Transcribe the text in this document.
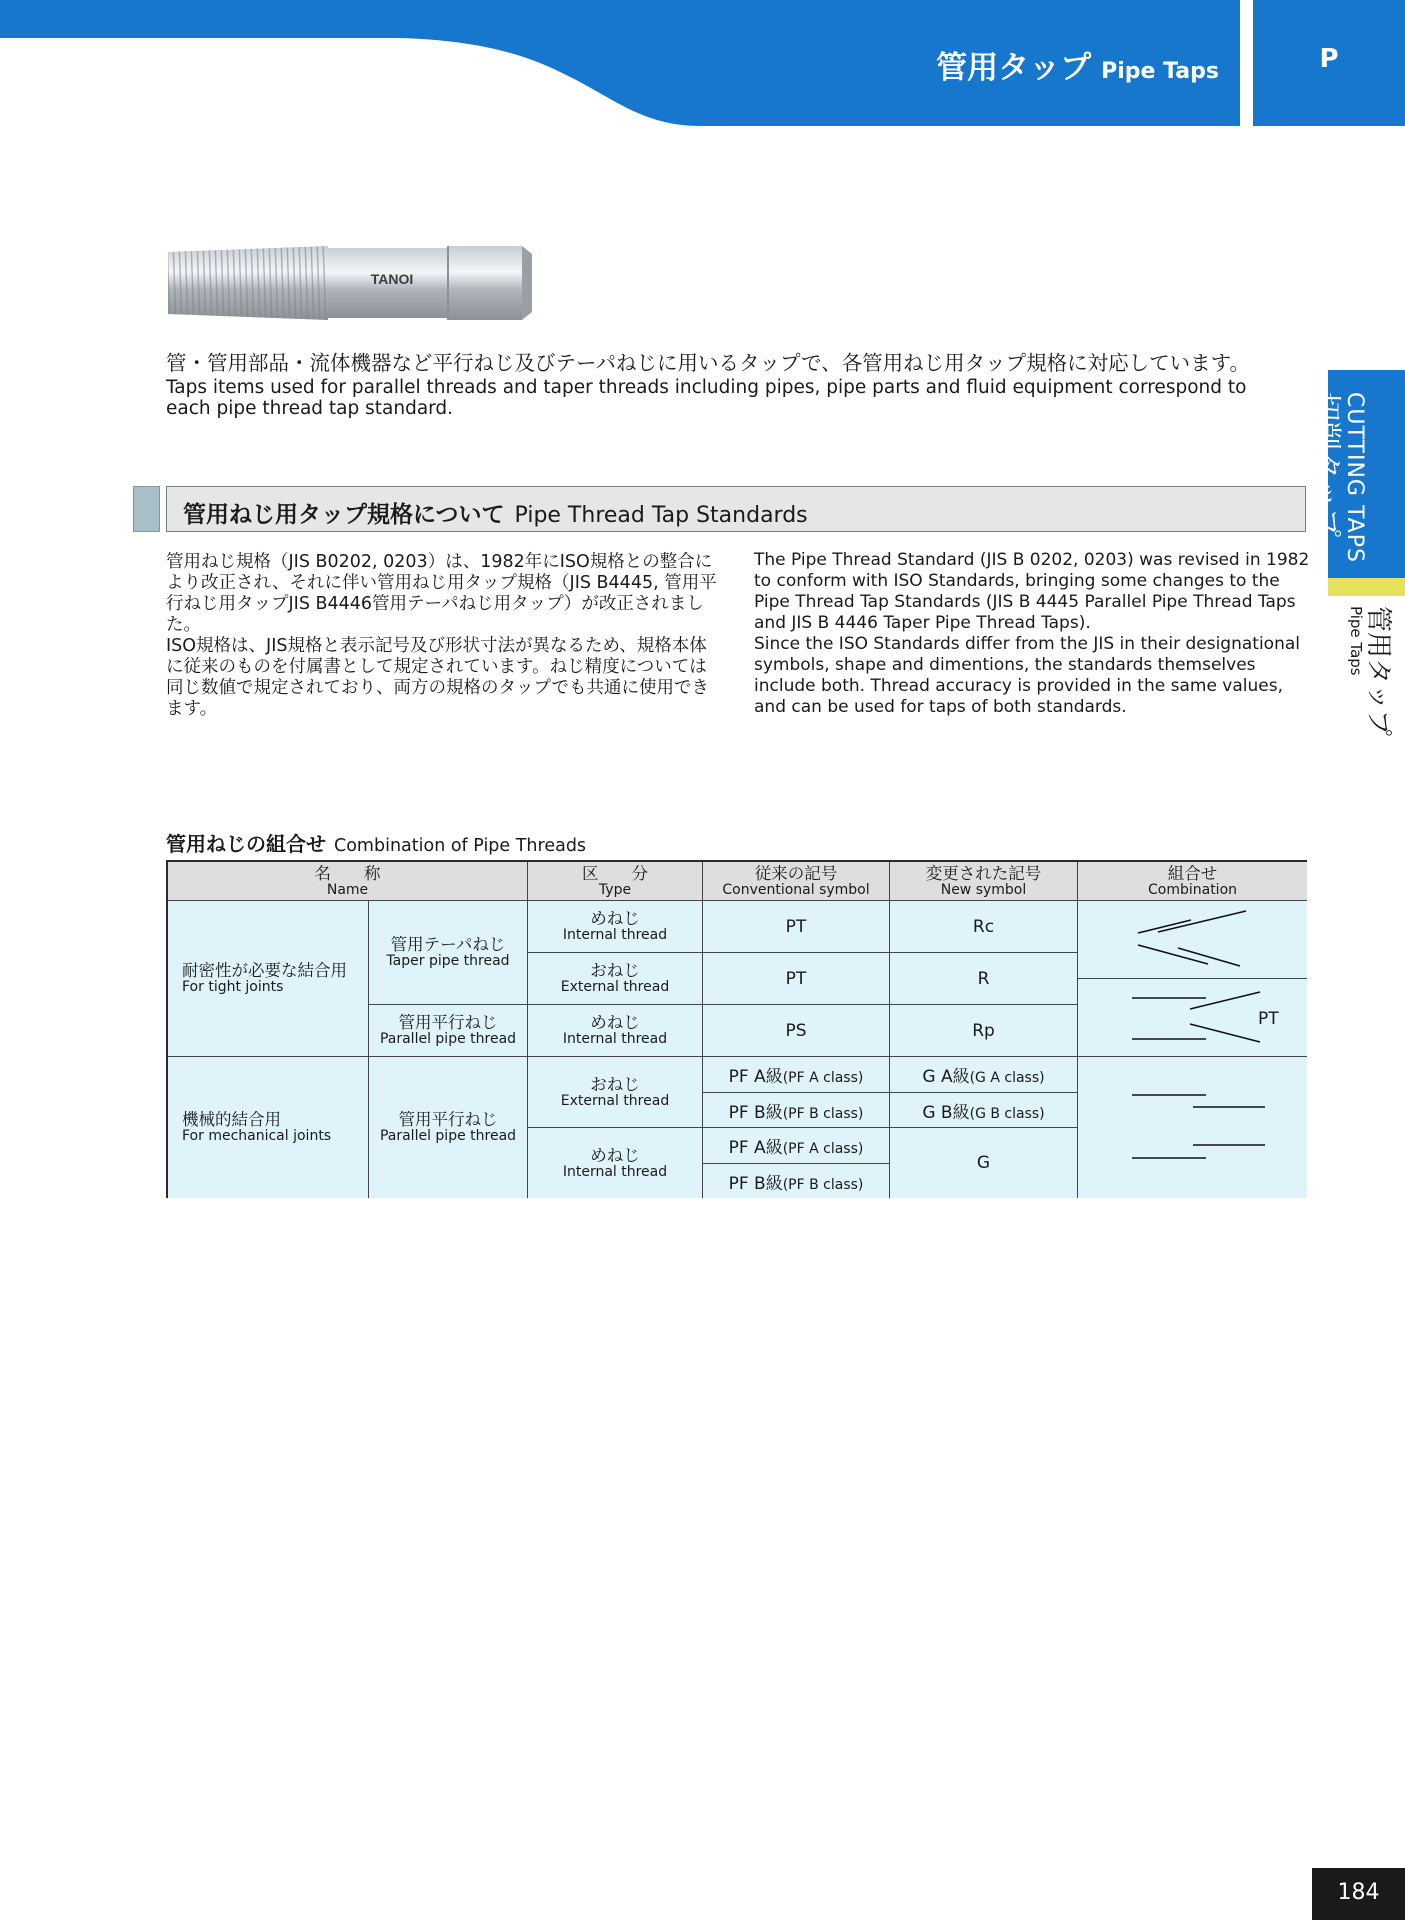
管用タップ Pipe Taps	P
CUTTING TAPS
切削タップ
管用タップ
Pipe Taps
TANOI
管・管用部品・流体機器など平行ねじ及びテーパねじに用いるタップで、各管用ねじ用タップ規格に対応しています。
Taps items used for parallel threads and taper threads including pipes, pipe parts and fluid equipment correspond to each pipe thread tap standard.
管用ねじ用タップ規格について Pipe Thread Tap Standards

管用ねじ規格（JIS B0202, 0203）は、1982年にISO規格との整合により改正され、それに伴い管用ねじ用タップ規格（JIS B4445, 管用平行ねじ用タップJIS B4446管用テーパねじ用タップ）が改正されました。

ISO規格は、JIS規格と表示記号及び形状寸法が異なるため、規格本体に従来のものを付属書として規定されています。ねじ精度については同じ数値で規定されており、両方の規格のタップでも共通に使用できます。

The Pipe Thread Standard (JIS B 0202, 0203) was revised in 1982 to conform with ISO Standards, bringing some changes to the Pipe Thread Tap Standards (JIS B 4445 Parallel Pipe Thread Taps and JIS B 4446 Taper Pipe Thread Taps).

Since the ISO Standards differ from the JIS in their designational symbols, shape and dimentions, the standards themselves include both. Thread accuracy is provided in the same values, and can be used for taps of both standards.

管用ねじの組合せ Combination of Pipe Threads
名　　称
Name
区　　分
Type
従来の記号
Conventional symbol
変更された記号
New symbol
組合せ
Combination
耐密性が必要な結合用
For tight joints
管用テーパねじ
Taper pipe thread
管用平行ねじ
Parallel pipe thread
めねじ
Internal thread
おねじ
External thread
めねじ
Internal thread
PT
PT
PS
Rc
R
Rp
機械的結合用
For mechanical joints
管用平行ねじ
Parallel pipe thread
おねじ
External thread
めねじ
Internal thread
PF A級(PF A class)
PF B級(PF B class)
PF A級(PF A class)
PF B級(PF B class)
G A級(G A class)
G B級(G B class)
G
PT
184
